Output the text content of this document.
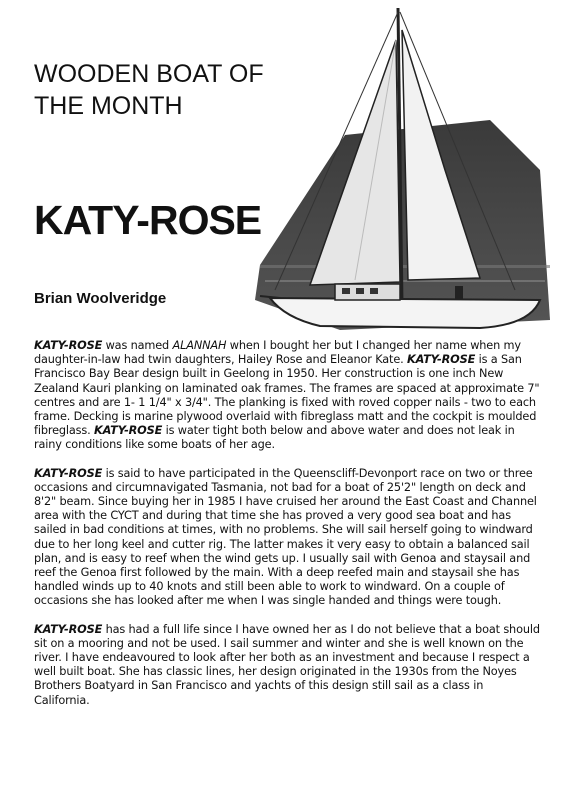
WOODEN BOAT OF THE MONTH
KATY-ROSE
Brian Woolveridge

KATY-ROSE was named ALANNAH when I bought her but I changed her name when my daughter-in-law had twin daughters, Hailey Rose and Eleanor Kate. KATY-ROSE is a San Francisco Bay Bear design built in Geelong in 1950. Her construction is one inch New Zealand Kauri planking on laminated oak frames. The frames are spaced at approximate 7" centres and are 1- 1 1/4" x 3/4". The planking is fixed with roved copper nails - two to each frame. Decking is marine plywood overlaid with fibreglass matt and the cockpit is moulded fibreglass. KATY-ROSE is water tight both below and above water and does not leak in rainy conditions like some boats of her age.

KATY-ROSE is said to have participated in the Queenscliff-Devonport race on two or three occasions and circumnavigated Tasmania, not bad for a boat of 25'2" length on deck and 8'2" beam. Since buying her in 1985 I have cruised her around the East Coast and Channel area with the CYCT and during that time she has proved a very good sea boat and has sailed in bad conditions at times, with no problems. She will sail herself going to windward due to her long keel and cutter rig. The latter makes it very easy to obtain a balanced sail plan, and is easy to reef when the wind gets up. I usually sail with Genoa and staysail and reef the Genoa first followed by the main. With a deep reefed main and staysail she has handled winds up to 40 knots and still been able to work to windward. On a couple of occasions she has looked after me when I was single handed and things were tough.

KATY-ROSE has had a full life since I have owned her as I do not believe that a boat should sit on a mooring and not be used. I sail summer and winter and she is well known on the river. I have endeavoured to look after her both as an investment and because I respect a well built boat. She has classic lines, her design originated in the 1930s from the Noyes Brothers Boatyard in San Francisco and yachts of this design still sail as a class in California.
